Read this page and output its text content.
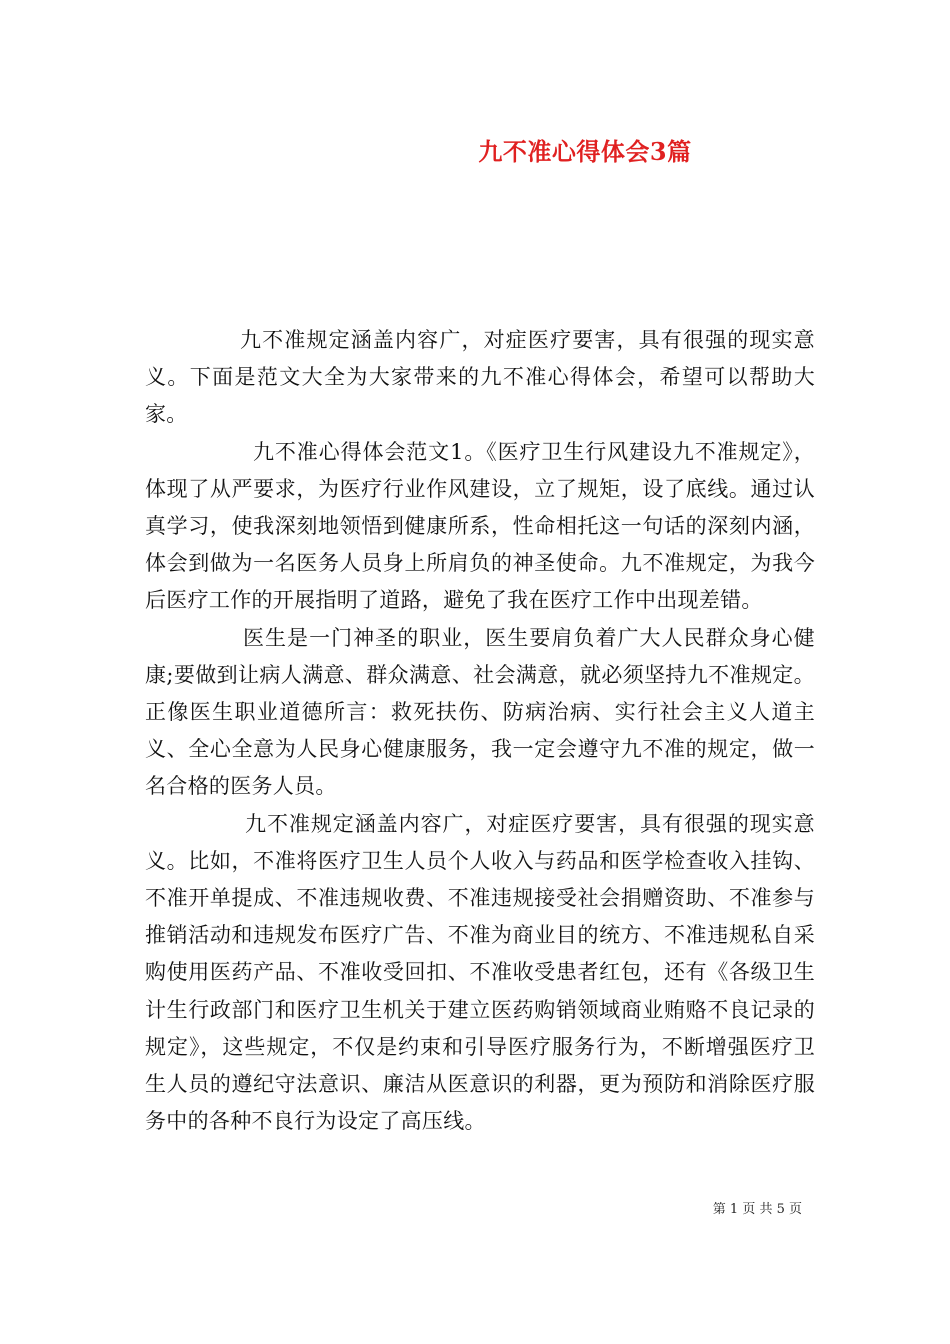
九不准心得体会3篇

九不准规定涵盖内容广，对症医疗要害，具有很强的现实意义。下面是范文大全为大家带来的九不准心得体会，希望可以帮助大家。

九不准心得体会范文1。《医疗卫生行风建设九不准规定》，体现了从严要求，为医疗行业作风建设，立了规矩，设了底线。通过认真学习，使我深刻地领悟到健康所系，性命相托这一句话的深刻内涵，体会到做为一名医务人员身上所肩负的神圣使命。九不准规定，为我今后医疗工作的开展指明了道路，避免了我在医疗工作中出现差错。

医生是一门神圣的职业，医生要肩负着广大人民群众身心健康;要做到让病人满意、群众满意、社会满意，就必须坚持九不准规定。正像医生职业道德所言：救死扶伤、防病治病、实行社会主义人道主义、全心全意为人民身心健康服务，我一定会遵守九不准的规定，做一名合格的医务人员。

九不准规定涵盖内容广，对症医疗要害，具有很强的现实意义。比如，不准将医疗卫生人员个人收入与药品和医学检查收入挂钩、不准开单提成、不准违规收费、不准违规接受社会捐赠资助、不准参与推销活动和违规发布医疗广告、不准为商业目的统方、不准违规私自采购使用医药产品、不准收受回扣、不准收受患者红包，还有《各级卫生计生行政部门和医疗卫生机关于建立医药购销领域商业贿赂不良记录的规定》，这些规定，不仅是约束和引导医疗服务行为，不断增强医疗卫生人员的遵纪守法意识、廉洁从医意识的利器，更为预防和消除医疗服务中的各种不良行为设定了高压线。

第 1 页 共 5 页
